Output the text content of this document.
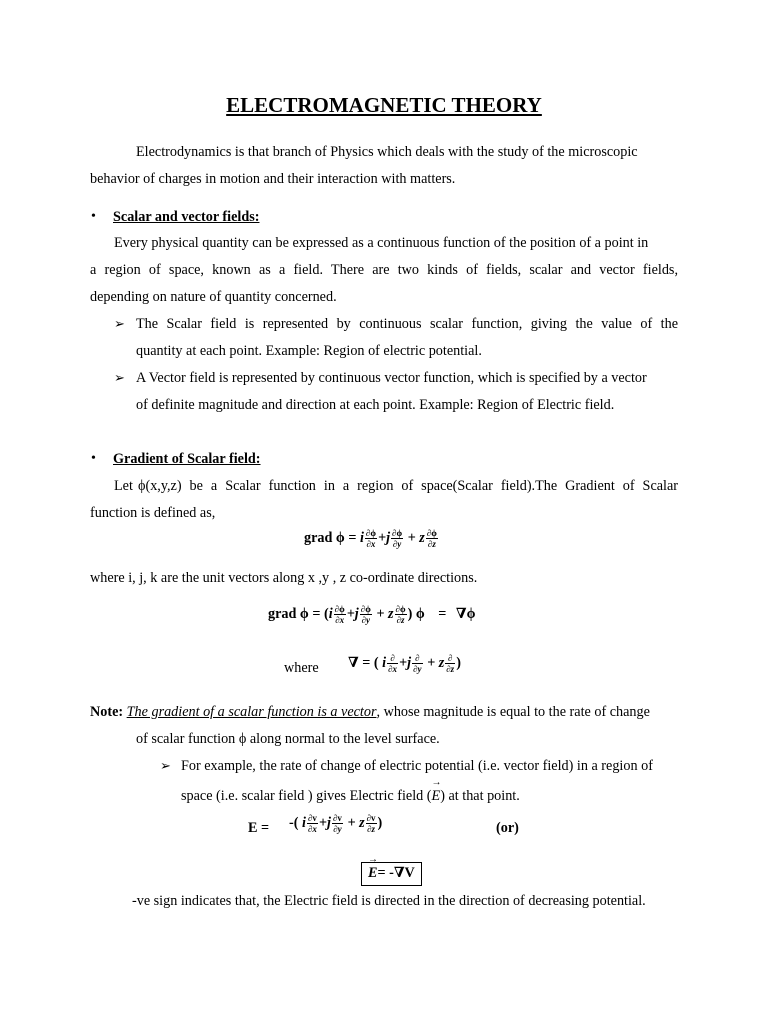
ELECTROMAGNETIC THEORY
Electrodynamics is that branch of Physics which deals with the study of the microscopic
behavior of charges in motion and their interaction with matters.
• Scalar and vector fields:
Every physical quantity can be expressed as a continuous function of the position of a point in
a region of space, known as a field. There are two kinds of fields, scalar and vector fields,
depending on nature of quantity concerned.
➢ The Scalar field is represented by continuous scalar function, giving the value of the
quantity at each point. Example: Region of electric potential.
➢ A Vector field is represented by continuous vector function, which is specified by a vector
of definite magnitude and direction at each point. Example: Region of Electric field.
• Gradient of Scalar field:
Let ϕ(x,y,z) be a Scalar function in a region of space(Scalar field).The Gradient of Scalar
function is defined as,
grad ϕ = i $\frac{\partial\phi}{\partial x} +j \frac{\partial\phi}{\partial y} + z \frac{\partial\phi}{\partial z}$
where i, j, k are the unit vectors along x ,y , z co-ordinate directions.
grad $\phi = (i \frac{\partial\phi}{\partial x} +j \frac{\partial\phi}{\partial y} + z \frac{\partial\phi}{\partial z}$ ) ϕ = ∇ϕ
where ∇ = ( i $\frac{\partial}{\partial x} +j \frac{\partial}{\partial y} + z \frac{\partial}{\partial z}$ )
Note: The gradient of a scalar function is a vector, whose magnitude is equal to the rate of change
of scalar function ϕ along normal to the level surface.
➢ For example, the rate of change of electric potential (i.e. vector field) in a region of
space (i.e. scalar field ) gives Electric field (→ E) at that point.
E = -( i $\frac{\partial v}{\partial x} +j \frac{\partial v}{\partial y} + z \frac{\partial v}{\partial z}$ )	(or)
→ E= -∇V
-ve sign indicates that, the Electric field is directed in the direction of decreasing potential.
